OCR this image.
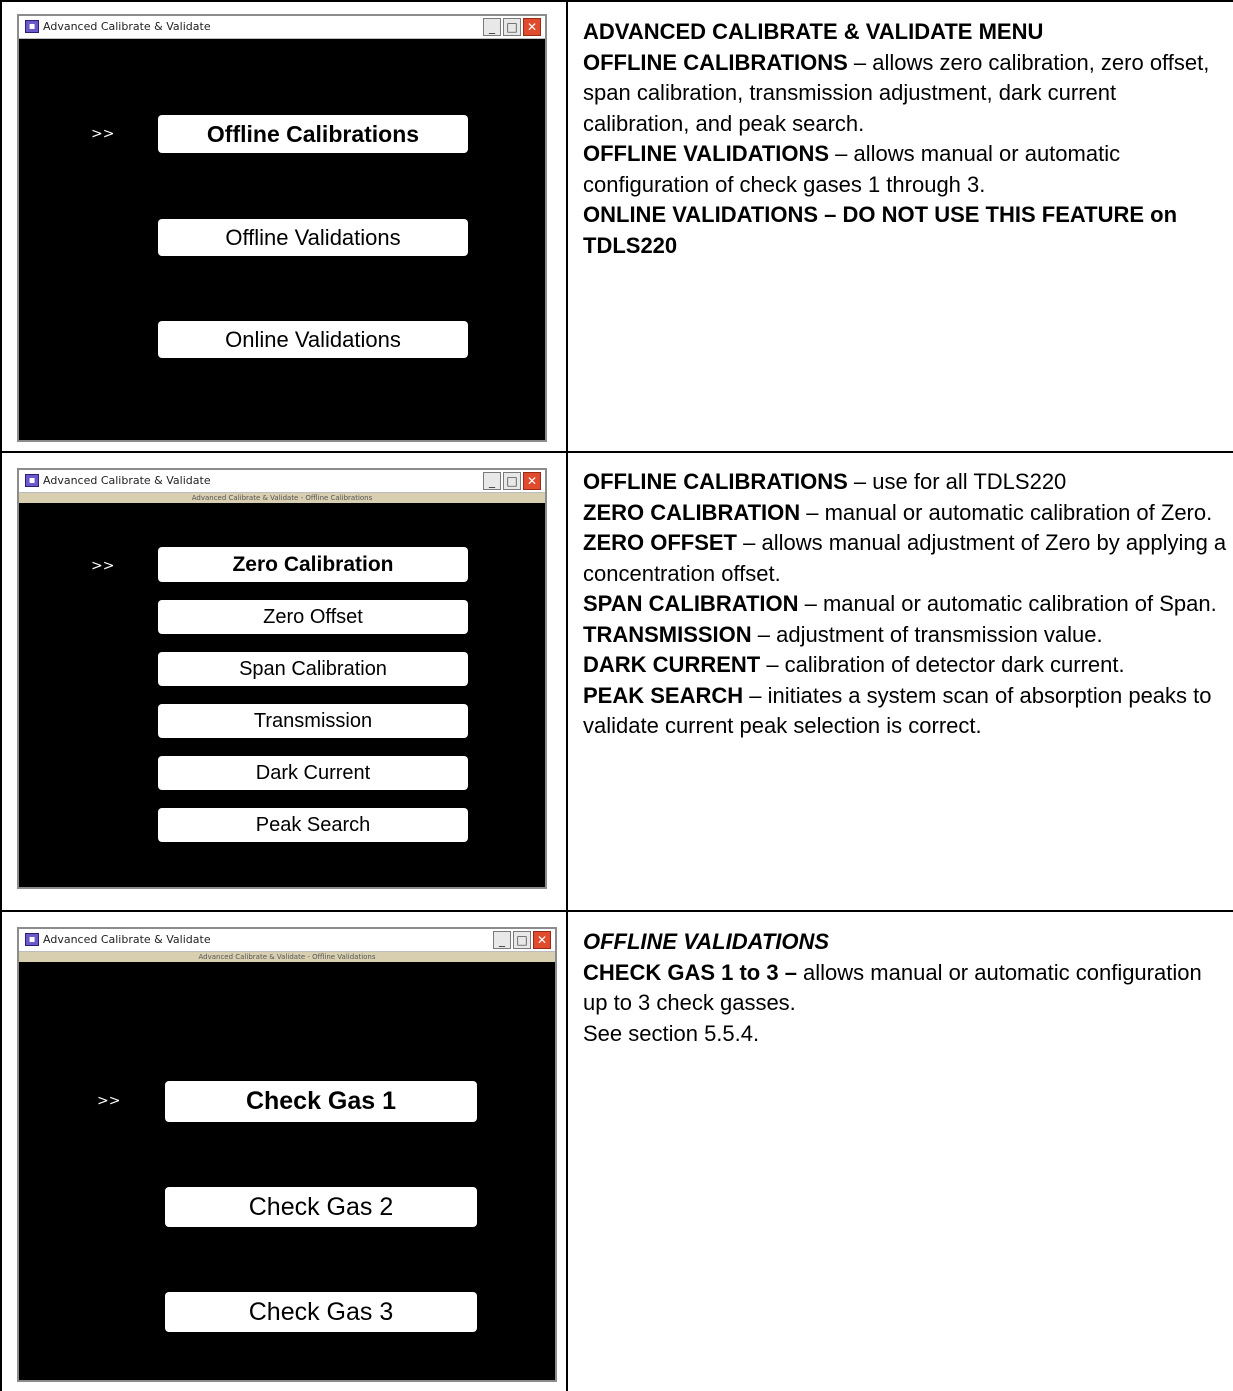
▪ Advanced Calibrate & Validate	_ □ ✕
>>	Offline Calibrations
Offline Validations
Online Validations

ADVANCED CALIBRATE & VALIDATE MENU

OFFLINE CALIBRATIONS – allows zero calibration, zero offset, span calibration, transmission adjustment, dark current calibration, and peak search.

OFFLINE VALIDATIONS – allows manual or automatic configuration of check gases 1 through 3.

ONLINE VALIDATIONS – DO NOT USE THIS FEATURE on TDLS220

▪ Advanced Calibrate & Validate	_ □ ✕
Advanced Calibrate & Validate - Offline Calibrations
>>	Zero Calibration
Zero Offset
Span Calibration
Transmission
Dark Current
Peak Search

OFFLINE CALIBRATIONS – use for all TDLS220

ZERO CALIBRATION – manual or automatic calibration of Zero.

ZERO OFFSET – allows manual adjustment of Zero by applying a concentration offset.

SPAN CALIBRATION – manual or automatic calibration of Span.

TRANSMISSION – adjustment of transmission value.

DARK CURRENT – calibration of detector dark current.

PEAK SEARCH – initiates a system scan of absorption peaks to validate current peak selection is correct.

▪ Advanced Calibrate & Validate	_ □ ✕
Advanced Calibrate & Validate - Offline Validations
>>	Check Gas 1
Check Gas 2
Check Gas 3

OFFLINE VALIDATIONS

CHECK GAS 1 to 3 – allows manual or automatic configuration up to 3 check gasses.

See section 5.5.4.
